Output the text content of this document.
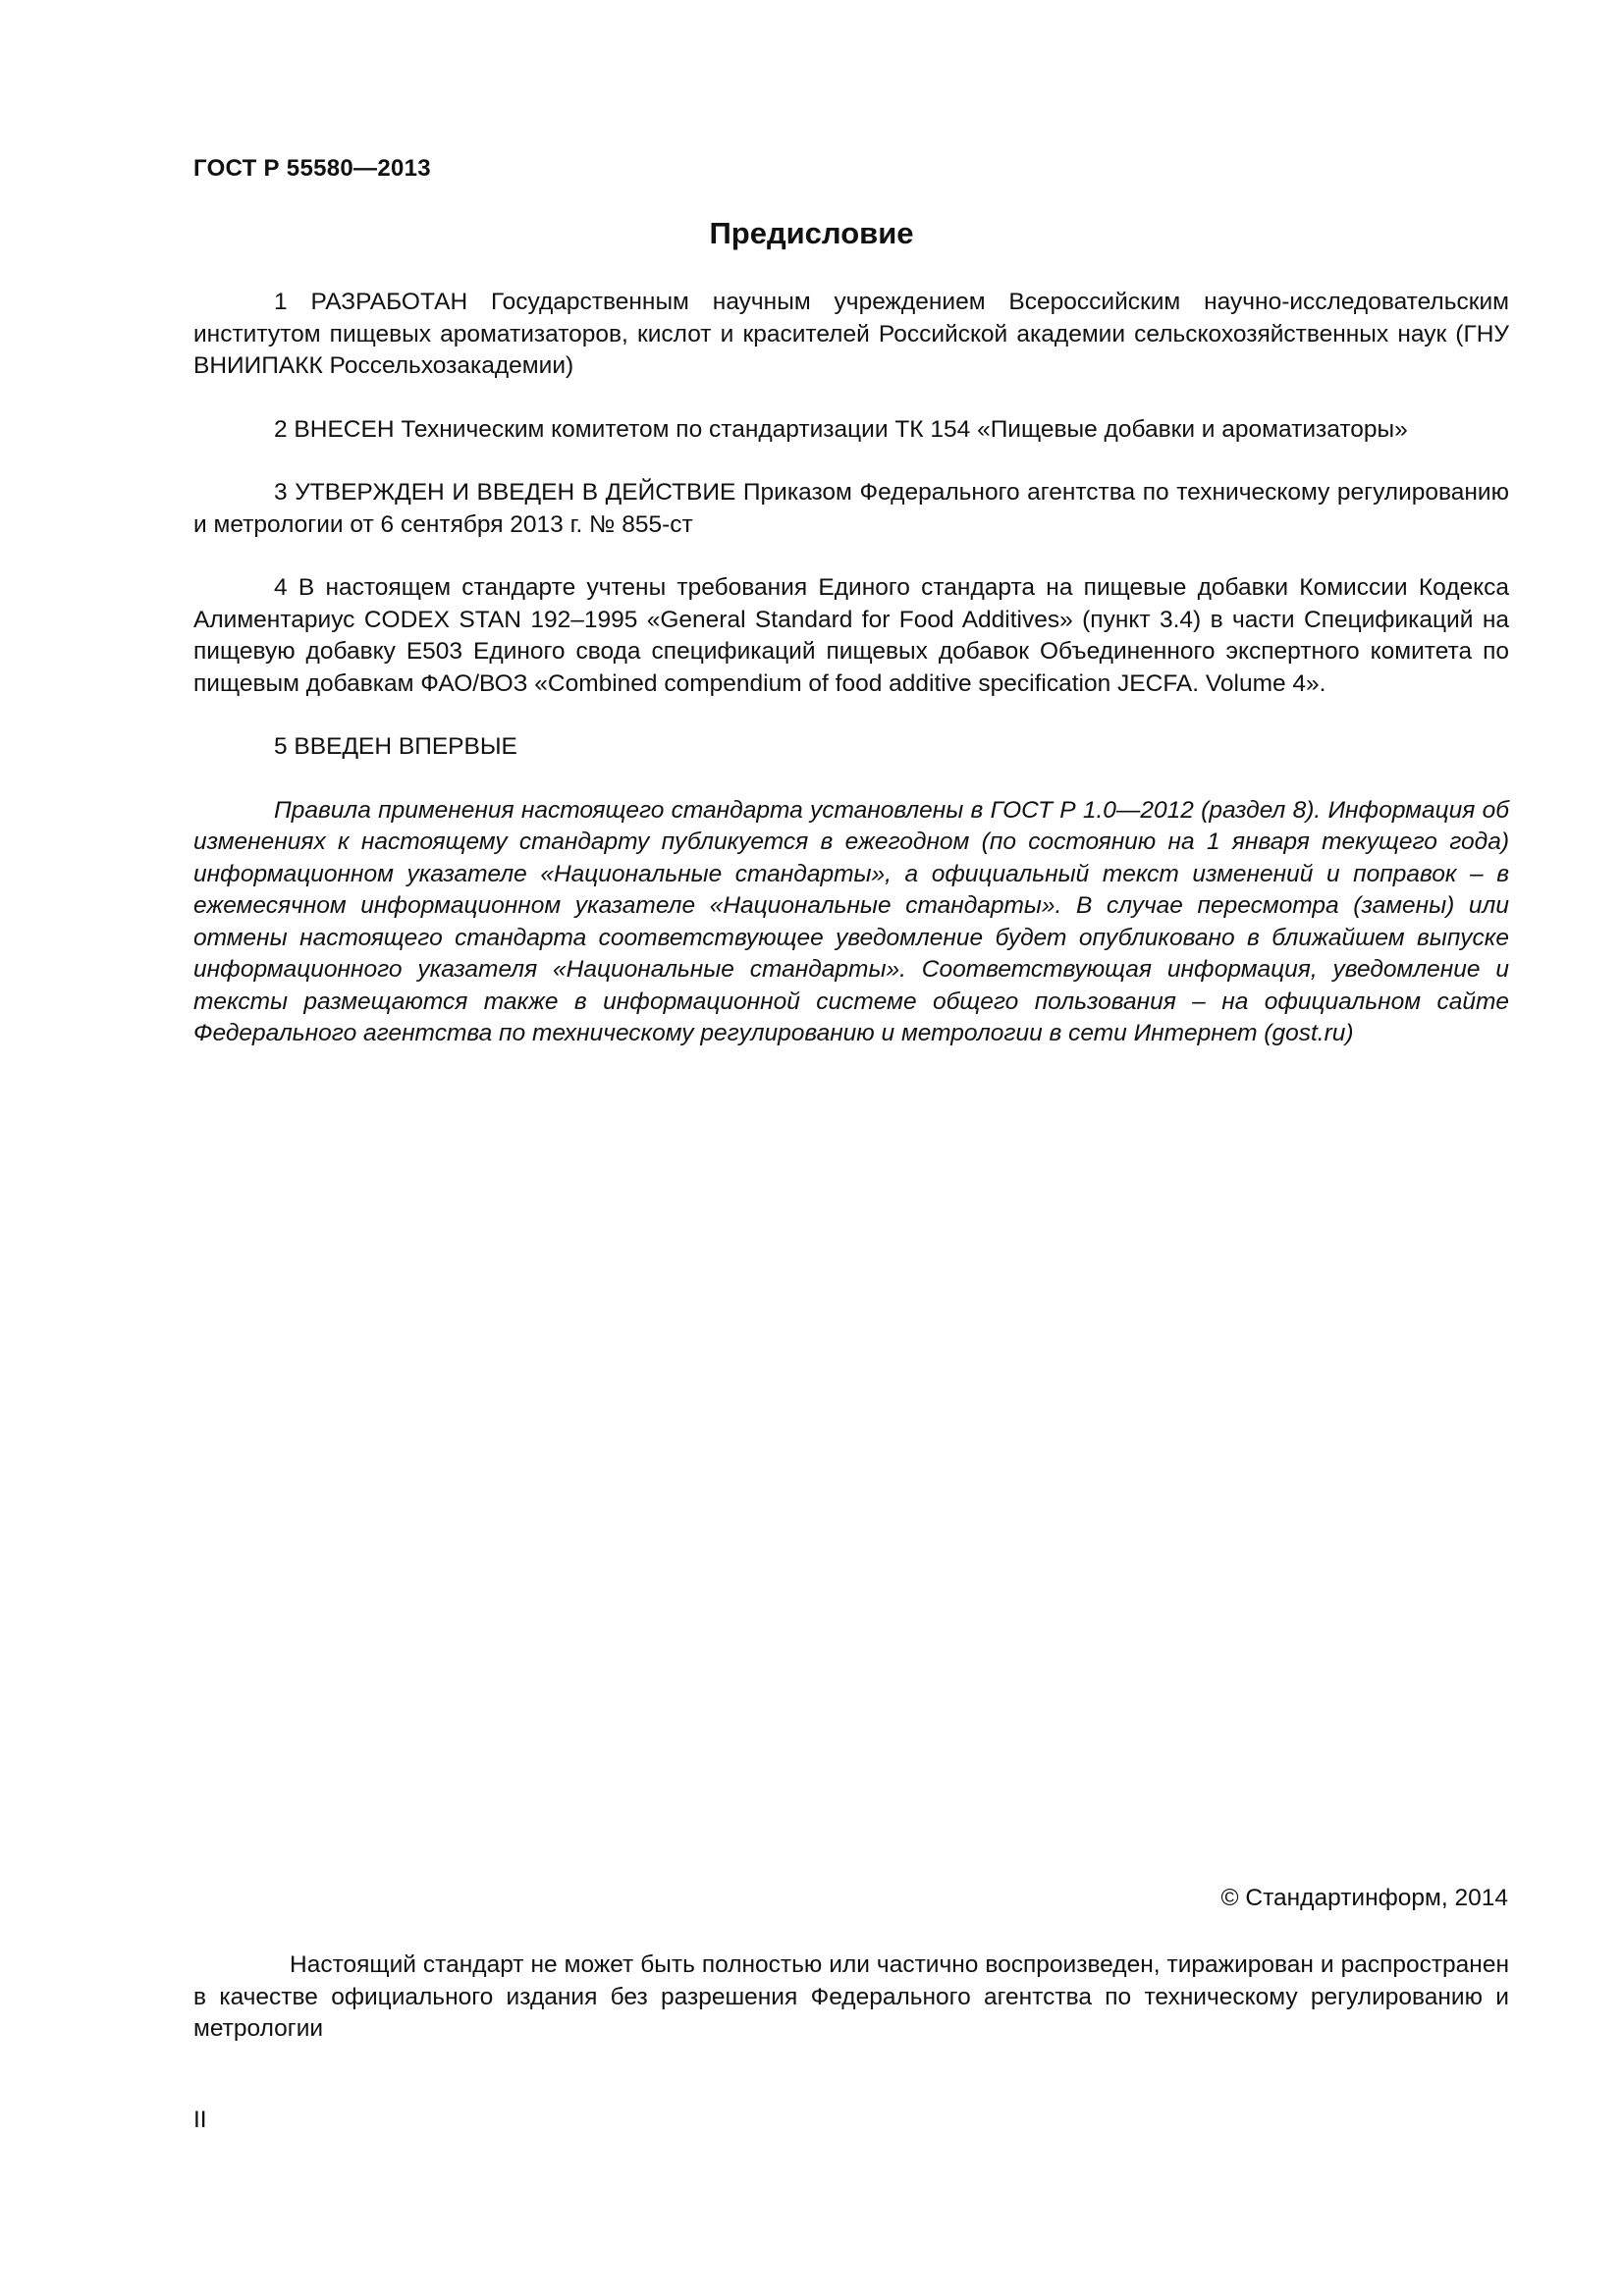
ГОСТ Р 55580—2013
Предисловие

1 РАЗРАБОТАН Государственным научным учреждением Всероссийским научно-исследовательским институтом пищевых ароматизаторов, кислот и красителей Российской академии сельскохозяйственных наук (ГНУ ВНИИПАКК Россельхозакадемии)

2 ВНЕСЕН Техническим комитетом по стандартизации ТК 154 «Пищевые добавки и ароматизаторы»

3 УТВЕРЖДЕН И ВВЕДЕН В ДЕЙСТВИЕ Приказом Федерального агентства по техническому регулированию и метрологии от 6 сентября 2013 г. № 855-ст

4 В настоящем стандарте учтены требования Единого стандарта на пищевые добавки Комиссии Кодекса Алиментариус CODEX STAN 192–1995 «General Standard for Food Additives» (пункт 3.4) в части Спецификаций на пищевую добавку E503 Единого свода спецификаций пищевых добавок Объединенного экспертного комитета по пищевым добавкам ФАО/ВОЗ «Combined compendium of food additive specification JECFA. Volume 4».

5 ВВЕДЕН ВПЕРВЫЕ

Правила применения настоящего стандарта установлены в ГОСТ Р 1.0—2012 (раздел 8). Информация об изменениях к настоящему стандарту публикуется в ежегодном (по состоянию на 1 января текущего года) информационном указателе «Национальные стандарты», а официальный текст изменений и поправок – в ежемесячном информационном указателе «Национальные стандарты». В случае пересмотра (замены) или отмены настоящего стандарта соответствующее уведомление будет опубликовано в ближайшем выпуске информационного указателя «Национальные стандарты». Соответствующая информация, уведомление и тексты размещаются также в информационной системе общего пользования – на официальном сайте Федерального агентства по техническому регулированию и метрологии в сети Интернет (gost.ru)

© Стандартинформ, 2014

Настоящий стандарт не может быть полностью или частично воспроизведен, тиражирован и распространен в качестве официального издания без разрешения Федерального агентства по техническому регулированию и метрологии

II
